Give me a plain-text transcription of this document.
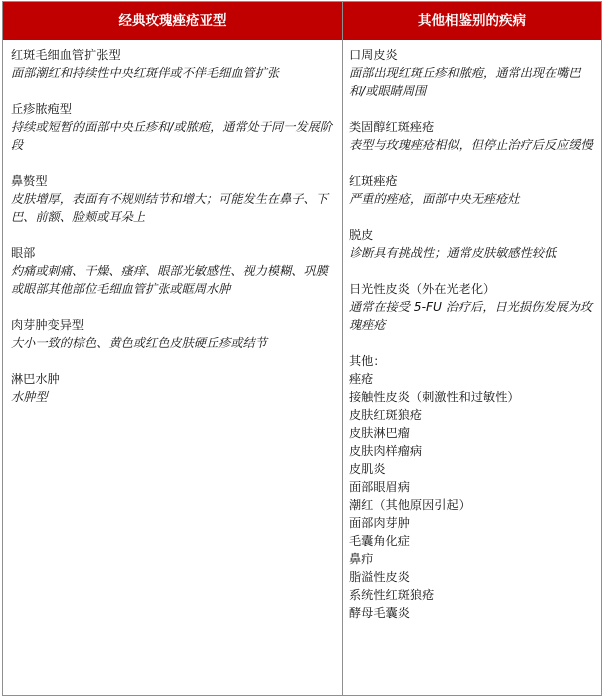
经典玫瑰痤疮亚型	其他相鉴别的疾病
红斑毛细血管扩张型
面部潮红和持续性中央红斑伴或不伴毛细血管扩张
丘疹脓疱型
持续或短暂的面部中央丘疹和/或脓疱，通常处于同一发展阶段
鼻赘型
皮肤增厚，表面有不规则结节和增大；可能发生在鼻子、下巴、前额、脸颊或耳朵上
眼部
灼痛或刺痛、干燥、瘙痒、眼部光敏感性、视力模糊、巩膜或眼部其他部位毛细血管扩张或眶周水肿
肉芽肿变异型
大小一致的棕色、黄色或红色皮肤硬丘疹或结节
淋巴水肿
水肿型
口周皮炎
面部出现红斑丘疹和脓疱，通常出现在嘴巴和/或眼睛周围
类固醇红斑痤疮
表型与玫瑰痤疮相似，但停止治疗后反应缓慢
红斑痤疮
严重的痤疮，面部中央无痤疮灶
脱皮
诊断具有挑战性；通常皮肤敏感性较低
日光性皮炎（外在光老化）
通常在接受 5-FU 治疗后，日光损伤发展为玫瑰痤疮
其他：
痤疮
接触性皮炎（刺激性和过敏性）
皮肤红斑狼疮
皮肤淋巴瘤
皮肤肉样瘤病
皮肌炎
面部眼眉病
潮红（其他原因引起）
面部肉芽肿
毛囊角化症
鼻疖
脂溢性皮炎
系统性红斑狼疮
酵母毛囊炎
